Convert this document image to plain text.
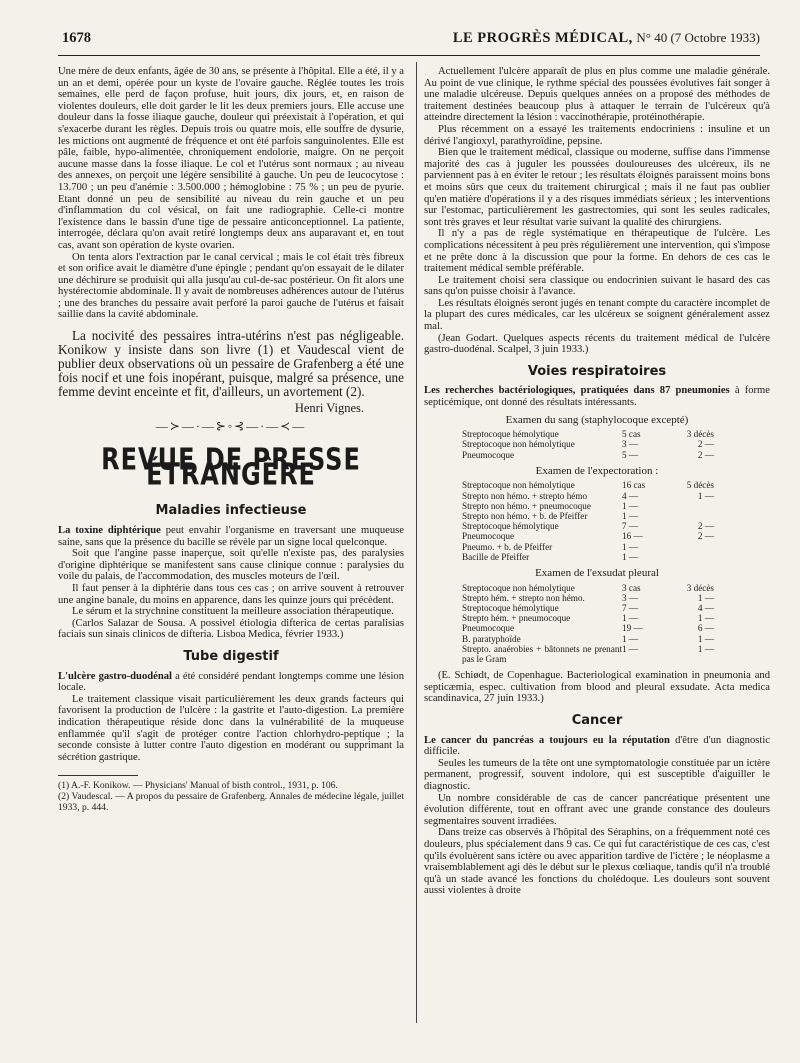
1678	LE PROGRÈS MÉDICAL, N° 40 (7 Octobre 1933)

Une mère de deux enfants, âgée de 30 ans, se présente à l'hôpital. Elle a été, il y a un an et demi, opérée pour un kyste de l'ovaire gauche. Réglée toutes les trois semaines, elle perd de façon profuse, huit jours, dix jours, et, en raison de violentes douleurs, elle doit garder le lit les deux premiers jours. Elle accuse une douleur dans la fosse iliaque gauche, douleur qui préexistait à l'opération, et qui s'exacerbe durant les règles. Depuis trois ou quatre mois, elle souffre de dysurie, les mictions ont augmenté de fréquence et ont été parfois sanguinolentes. Elle est pâle, faible, hypo-alimentée, chroniquement endolorie, maigre. On ne perçoit aucune masse dans la fosse iliaque. Le col et l'utérus sont normaux ; au niveau des annexes, on perçoit une légère sensibilité à gauche. Un peu de leucocytose : 13.700 ; un peu d'anémie : 3.500.000 ; hémoglobine : 75 % ; un peu de pyurie. Etant donné un peu de sensibilité au niveau du rein gauche et un peu d'inflammation du col vésical, on fait une radiographie. Celle-ci montre l'existence dans le bassin d'une tige de pessaire anticonceptionnel. La patiente, interrogée, déclara qu'on avait retiré longtemps deux ans auparavant et, en tout cas, avant son opération de kyste ovarien.

On tenta alors l'extraction par le canal cervical ; mais le col était très fibreux et son orifice avait le diamètre d'une épingle ; pendant qu'on essayait de le dilater une déchirure se produisit qui alla jusqu'au cul-de-sac postérieur. On fit alors une hystérectomie abdominale. Il y avait de nombreuses adhérences autour de l'utérus ; une des branches du pessaire avait perforé la paroi gauche de l'utérus et faisait saillie dans la cavité abdominale.

La nocivité des pessaires intra-utérins n'est pas négligeable. Konikow y insiste dans son livre (1) et Vaudescal vient de publier deux observations où un pessaire de Grafenberg a été une fois nocif et une fois inopérant, puisque, malgré sa présence, une femme devint enceinte et fit, d'ailleurs, un avortement (2).

Henri Vignes.
—≻—·—⊱◦⊰—·—≺—
REVUE DE PRESSE ÉTRANGÈRE
Maladies infectieuse

La toxine diphtérique peut envahir l'organisme en traversant une muqueuse saine, sans que la présence du bacille se révèle par un signe local quelconque.

Soit que l'angine passe inaperçue, soit qu'elle n'existe pas, des paralysies d'origine diphtérique se manifestent sans cause clinique connue : paralysies du voile du palais, de l'accommodation, des muscles moteurs de l'œil.

Il faut penser à la diphtérie dans tous ces cas ; on arrive souvent à retrouver une angine banale, du moins en apparence, dans les quinze jours qui précèdent.

Le sérum et la strychnine constituent la meilleure association thérapeutique.

(Carlos Salazar de Sousa. A possivel étiologia difterica de certas paralisias faciais sun sinais clinicos de difteria. Lisboa Medica, février 1933.)

Tube digestif

L'ulcère gastro-duodénal a été considéré pendant longtemps comme une lésion locale.

Le traitement classique visait particulièrement les deux grands facteurs qui favorisent la production de l'ulcère : la gastrite et l'auto-digestion. La première indication thérapeutique réside donc dans la vulnérabilité de la muqueuse enflammée qu'il s'agit de protéger contre l'action chlorhydro-peptique ; la seconde consiste à lutter contre l'auto digestion en modérant ou supprimant la sécrétion gastrique.

(1) A.-F. Konikow. — Physicians' Manual of bisth control., 1931, p. 106.

(2) Vaudescal. — A propos du pessaire de Grafenberg. Annales de médecine légale, juillet 1933, p. 444.

Actuellement l'ulcère apparaît de plus en plus comme une maladie générale. Au point de vue clinique, le rythme spécial des poussées évolutives fait songer à une maladie ulcéreuse. Depuis quelques années on a proposé des méthodes de traitement destinées beaucoup plus à attaquer le terrain de l'ulcéreux qu'à atteindre directement la lésion : vaccinothérapie, protéinothérapie.

Plus récemment on a essayé les traitements endocriniens : insuline et un dérivé l'angioxyl, parathyroïdine, pepsine.

Bien que le traitement médical, classique ou moderne, suffise dans l'immense majorité des cas à juguler les poussées douloureuses des ulcéreux, ils ne parviennent pas à en éviter le retour ; les résultats éloignés paraissent moins bons et moins sûrs que ceux du traitement chirurgical ; mais il ne faut pas oublier qu'en matière d'opérations il y a des risques immédiats sérieux ; les interventions sur l'estomac, particulièrement les gastrectomies, qui sont les seules radicales, sont très graves et leur résultat varie suivant la qualité des chirurgiens.

Il n'y a pas de règle systématique en thérapeutique de l'ulcère. Les complications nécessitent à peu près régulièrement une intervention, qui s'impose et ne prête donc à la discussion que pour la forme. En dehors de ces cas le traitement médical semble préférable.

Le traitement choisi sera classique ou endocrinien suivant le hasard des cas sans qu'on puisse choisir à l'avance.

Les résultats éloignés seront jugés en tenant compte du caractère incomplet de la plupart des cures médicales, car les ulcéreux se soignent généralement assez mal.

(Jean Godart. Quelques aspects récents du traitement médical de l'ulcère gastro-duodénal. Scalpel, 3 juin 1933.)

Voies respiratoires

Les recherches bactériologiques, pratiquées dans 87 pneumonies à forme septicémique, ont donné des résultats intéressants.

Examen du sang (staphylocoque excepté)
Streptocoque hémolytique	5 cas	3 décès
Streptocoque non hémolytique	3 —	2 —
Pneumocoque	5 —	2 —
Examen de l'expectoration :
Streptocoque non hémolytique	16 cas	5 décès
Strepto non hémo. + strepto hémo	4 —	1 —
Strepto non hémo. + pneumocoque	1 —	
Strepto non hémo. + b. de Pfeiffer	1 —	
Streptocoque hémolytique	7 —	2 —
Pneumocoque	16 —	2 —
Pneumo. + b. de Pfeiffer	1 —	
Bacille de Pfeiffer	1 —	
Examen de l'exsudat pleural
Streptocoque non hémolytique	3 cas	3 décès
Strepto hém. + strepto non hémo.	3 —	1 —
Streptocoque hémolytique	7 —	4 —
Strepto hém. + pneumocoque	1 —	1 —
Pneumocoque	19 —	6 —
B. paratyphoïde	1 —	1 —
Strepto. anaérobies + bâtonnets ne prenant pas le Gram	1 —	1 —

(E. Schiødt, de Copenhague. Bacteriological examination in pneumonia and septicæmia, espec. cultivation from blood and pleural exsudate. Acta medica scandinavica, 27 juin 1933.)

Cancer

Le cancer du pancréas a toujours eu la réputation d'être d'un diagnostic difficile.

Seules les tumeurs de la tête ont une symptomatologie constituée par un ictère permanent, progressif, souvent indolore, qui est susceptible d'aiguiller le diagnostic.

Un nombre considérable de cas de cancer pancréatique présentent une évolution différente, tout en offrant avec une grande constance des douleurs segmentaires souvent irradiées.

Dans treize cas observés à l'hôpital des Séraphins, on a fréquemment noté ces douleurs, plus spécialement dans 9 cas. Ce qui fut caractéristique de ces cas, c'est qu'ils évoluèrent sans ictère ou avec apparition tardive de l'ictère ; le néoplasme a vraisemblablement agi dès le début sur le plexus cœliaque, tandis qu'il n'a troublé qu'à un stade avancé les fonctions du cholédoque. Les douleurs sont souvent aussi violentes à droite
